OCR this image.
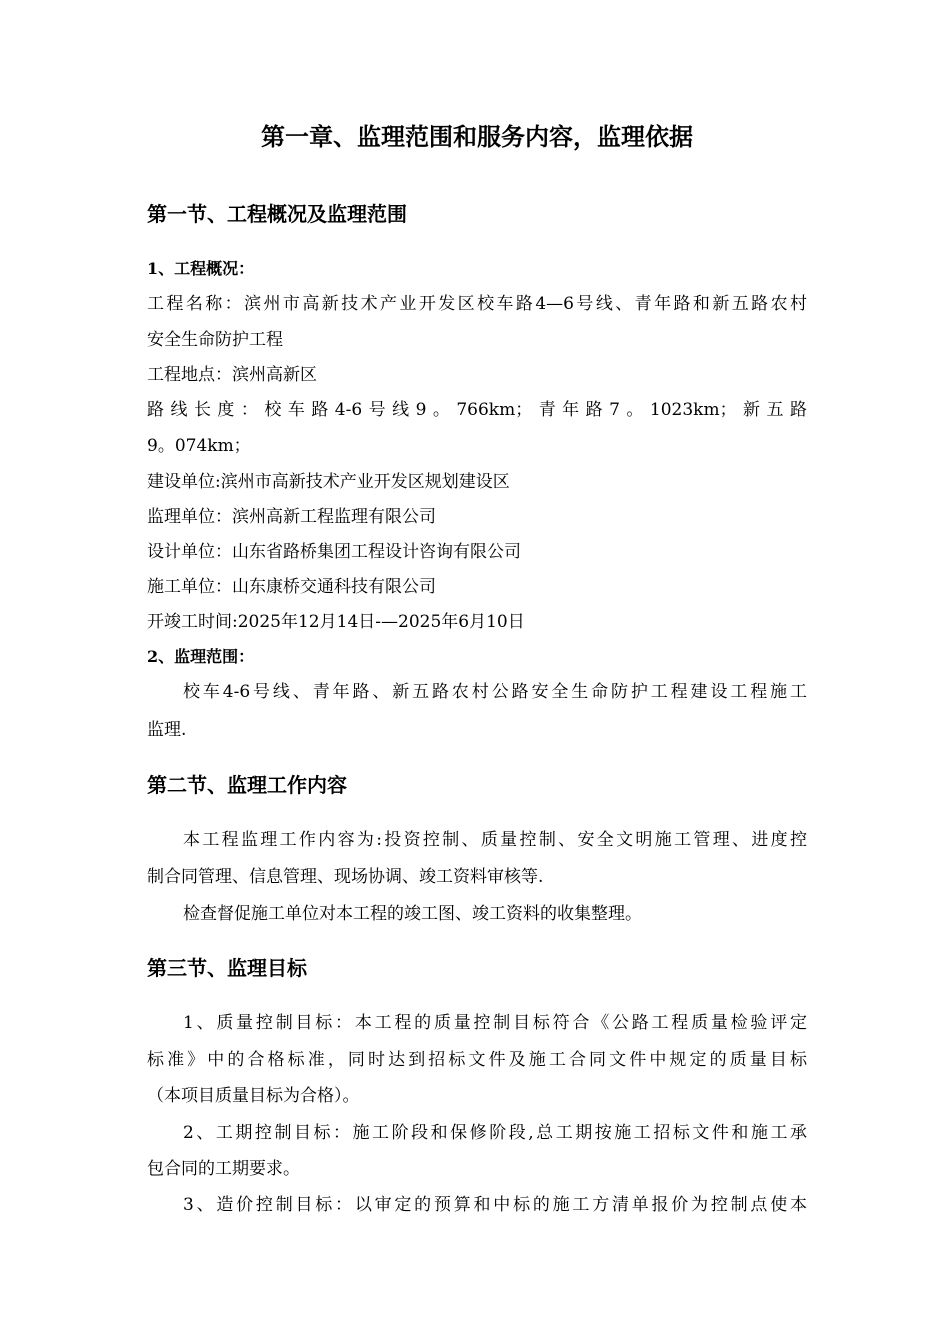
第一章、监理范围和服务内容，监理依据
第一节、工程概况及监理范围
1、工程概况：
工程名称：滨州市高新技术产业开发区校车路4—6号线、青年路和新五路农村
安全生命防护工程
工程地点：滨州高新区
路线长度：校车路4-6号线9。766km；青年路7。1023km；新五路
9。074km；
建设单位:滨州市高新技术产业开发区规划建设区
监理单位：滨州高新工程监理有限公司
设计单位：山东省路桥集团工程设计咨询有限公司
施工单位：山东康桥交通科技有限公司
开竣工时间:2025年12月14日-—2025年6月10日
2、监理范围：
校车4-6号线、青年路、新五路农村公路安全生命防护工程建设工程施工
监理.
第二节、监理工作内容
本工程监理工作内容为:投资控制、质量控制、安全文明施工管理、进度控
制合同管理、信息管理、现场协调、竣工资料审核等.
检查督促施工单位对本工程的竣工图、竣工资料的收集整理。
第三节、监理目标
1、质量控制目标：本工程的质量控制目标符合《公路工程质量检验评定
标准》中的合格标准，同时达到招标文件及施工合同文件中规定的质量目标
（本项目质量目标为合格）。
2、工期控制目标：施工阶段和保修阶段,总工期按施工招标文件和施工承
包合同的工期要求。
3、造价控制目标：以审定的预算和中标的施工方清单报价为控制点使本
